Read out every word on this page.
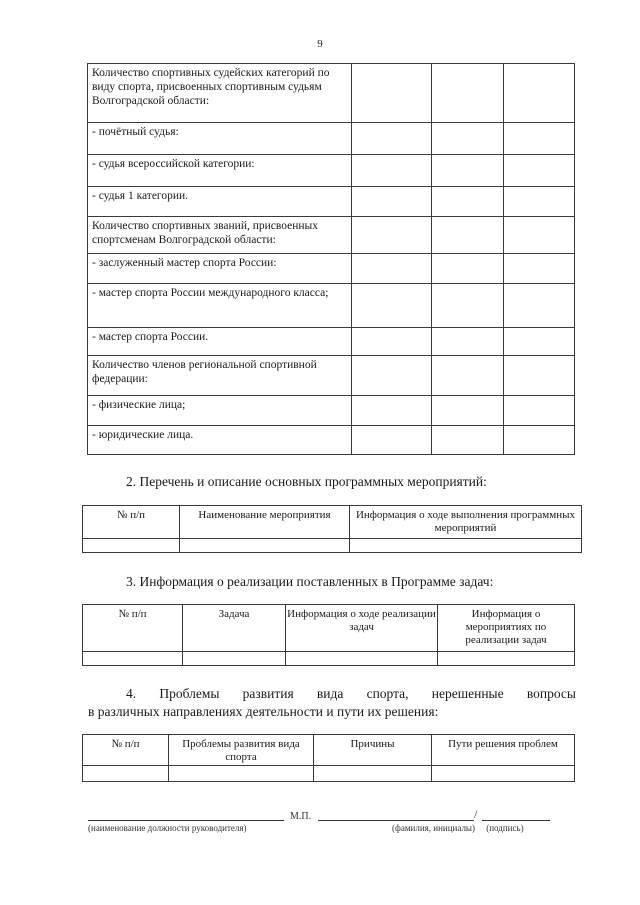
9
Количество спортивных судейских категорий по виду спорта, присвоенных спортивным судьям Волгоградской области:			
- почётный судья:			
- судья всероссийской категории:			
- судья 1 категории.			
Количество спортивных званий, присвоенных спортсменам Волгоградской области:			
- заслуженный мастер спорта России:			
- мастер спорта России международного класса;			
- мастер спорта России.			
Количество членов региональной спортивной федерации:			
- физические лица;			
- юридические лица.			
2. Перечень и описание основных программных мероприятий:
№ п/п	Наименование мероприятия	Информация о ходе выполнения программных мероприятий

3. Информация о реализации поставленных в Программе задач:
№ п/п	Задача	Информация о ходе реализации задач	Информация о мероприятиях по реализации задач

4. Проблемы развития вида спорта, нерешенные вопросы
в различных направлениях деятельности и пути их решения:
№ п/п	Проблемы развития вида спорта	Причины	Пути решения проблем

М.П.	/
(наименование должности руководителя)	(фамилия, инициалы)     (подпись)
